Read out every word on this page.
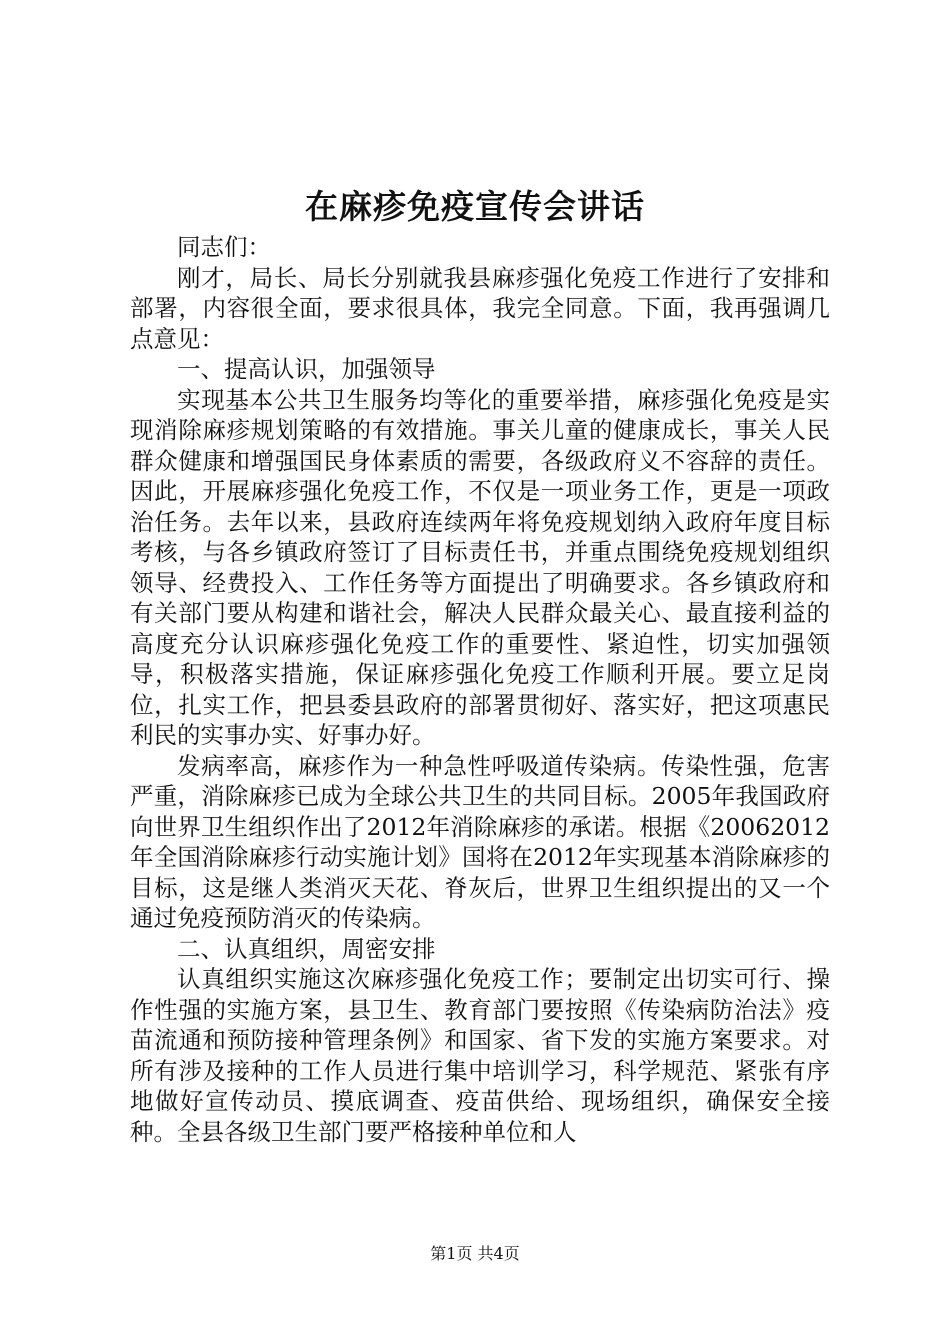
在麻疹免疫宣传会讲话

同志们：

刚才，局长、局长分别就我县麻疹强化免疫工作进行了安排和部署，内容很全面，要求很具体，我完全同意。下面，我再强调几点意见：

一、提高认识，加强领导

实现基本公共卫生服务均等化的重要举措，麻疹强化免疫是实现消除麻疹规划策略的有效措施。事关儿童的健康成长，事关人民群众健康和增强国民身体素质的需要，各级政府义不容辞的责任。因此，开展麻疹强化免疫工作，不仅是一项业务工作，更是一项政治任务。去年以来，县政府连续两年将免疫规划纳入政府年度目标考核，与各乡镇政府签订了目标责任书，并重点围绕免疫规划组织领导、经费投入、工作任务等方面提出了明确要求。各乡镇政府和有关部门要从构建和谐社会，解决人民群众最关心、最直接利益的高度充分认识麻疹强化免疫工作的重要性、紧迫性，切实加强领导，积极落实措施，保证麻疹强化免疫工作顺利开展。要立足岗位，扎实工作，把县委县政府的部署贯彻好、落实好，把这项惠民利民的实事办实、好事办好。

发病率高，麻疹作为一种急性呼吸道传染病。传染性强，危害严重，消除麻疹已成为全球公共卫生的共同目标。2005年我国政府向世界卫生组织作出了2012年消除麻疹的承诺。根据《20062012年全国消除麻疹行动实施计划》国将在2012年实现基本消除麻疹的目标，这是继人类消灭天花、脊灰后，世界卫生组织提出的又一个通过免疫预防消灭的传染病。

二、认真组织，周密安排

认真组织实施这次麻疹强化免疫工作；要制定出切实可行、操作性强的实施方案，县卫生、教育部门要按照《传染病防治法》疫苗流通和预防接种管理条例》和国家、省下发的实施方案要求。对所有涉及接种的工作人员进行集中培训学习，科学规范、紧张有序地做好宣传动员、摸底调查、疫苗供给、现场组织，确保安全接种。全县各级卫生部门要严格接种单位和人

第1页 共4页
